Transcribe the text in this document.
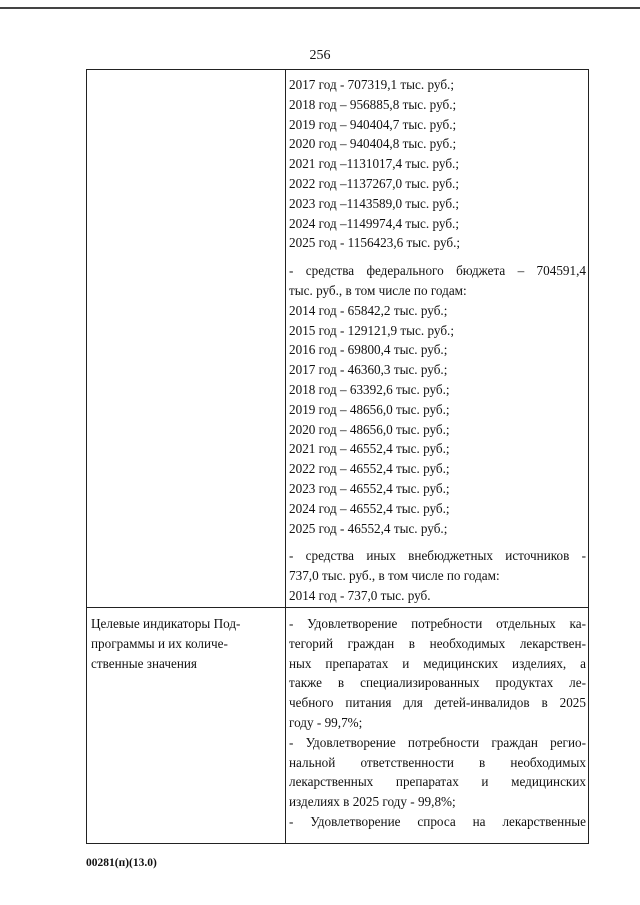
256
2017 год - 707319,1 тыс. руб.;
2018 год – 956885,8 тыс. руб.;
2019 год – 940404,7 тыс. руб.;
2020 год – 940404,8 тыс. руб.;
2021 год –1131017,4 тыс. руб.;
2022 год –1137267,0 тыс. руб.;
2023 год –1143589,0 тыс. руб.;
2024 год –1149974,4 тыс. руб.;
2025 год - 1156423,6 тыс. руб.;
- средства федерального бюджета – 704591,4
тыс. руб., в том числе по годам:
2014 год - 65842,2 тыс. руб.;
2015 год - 129121,9 тыс. руб.;
2016 год - 69800,4 тыс. руб.;
2017 год - 46360,3 тыс. руб.;
2018 год – 63392,6 тыс. руб.;
2019 год – 48656,0 тыс. руб.;
2020 год – 48656,0 тыс. руб.;
2021 год – 46552,4 тыс. руб.;
2022 год – 46552,4 тыс. руб.;
2023 год – 46552,4 тыс. руб.;
2024 год – 46552,4 тыс. руб.;
2025 год - 46552,4 тыс. руб.;
- средства иных внебюджетных источников -
737,0 тыс. руб., в том числе по годам:
2014 год - 737,0 тыс. руб.
Целевые индикаторы Под-
программы и их количе-
ственные значения
- Удовлетворение потребности отдельных ка-
тегорий граждан в необходимых лекарствен-
ных препаратах и медицинских изделиях, а
также в специализированных продуктах ле-
чебного питания для детей-инвалидов в 2025
году - 99,7%;
- Удовлетворение потребности граждан регио-
нальной ответственности в необходимых
лекарственных препаратах и медицинских
изделиях в 2025 году - 99,8%;
- Удовлетворение спроса на лекарственные
00281(п)(13.0)
